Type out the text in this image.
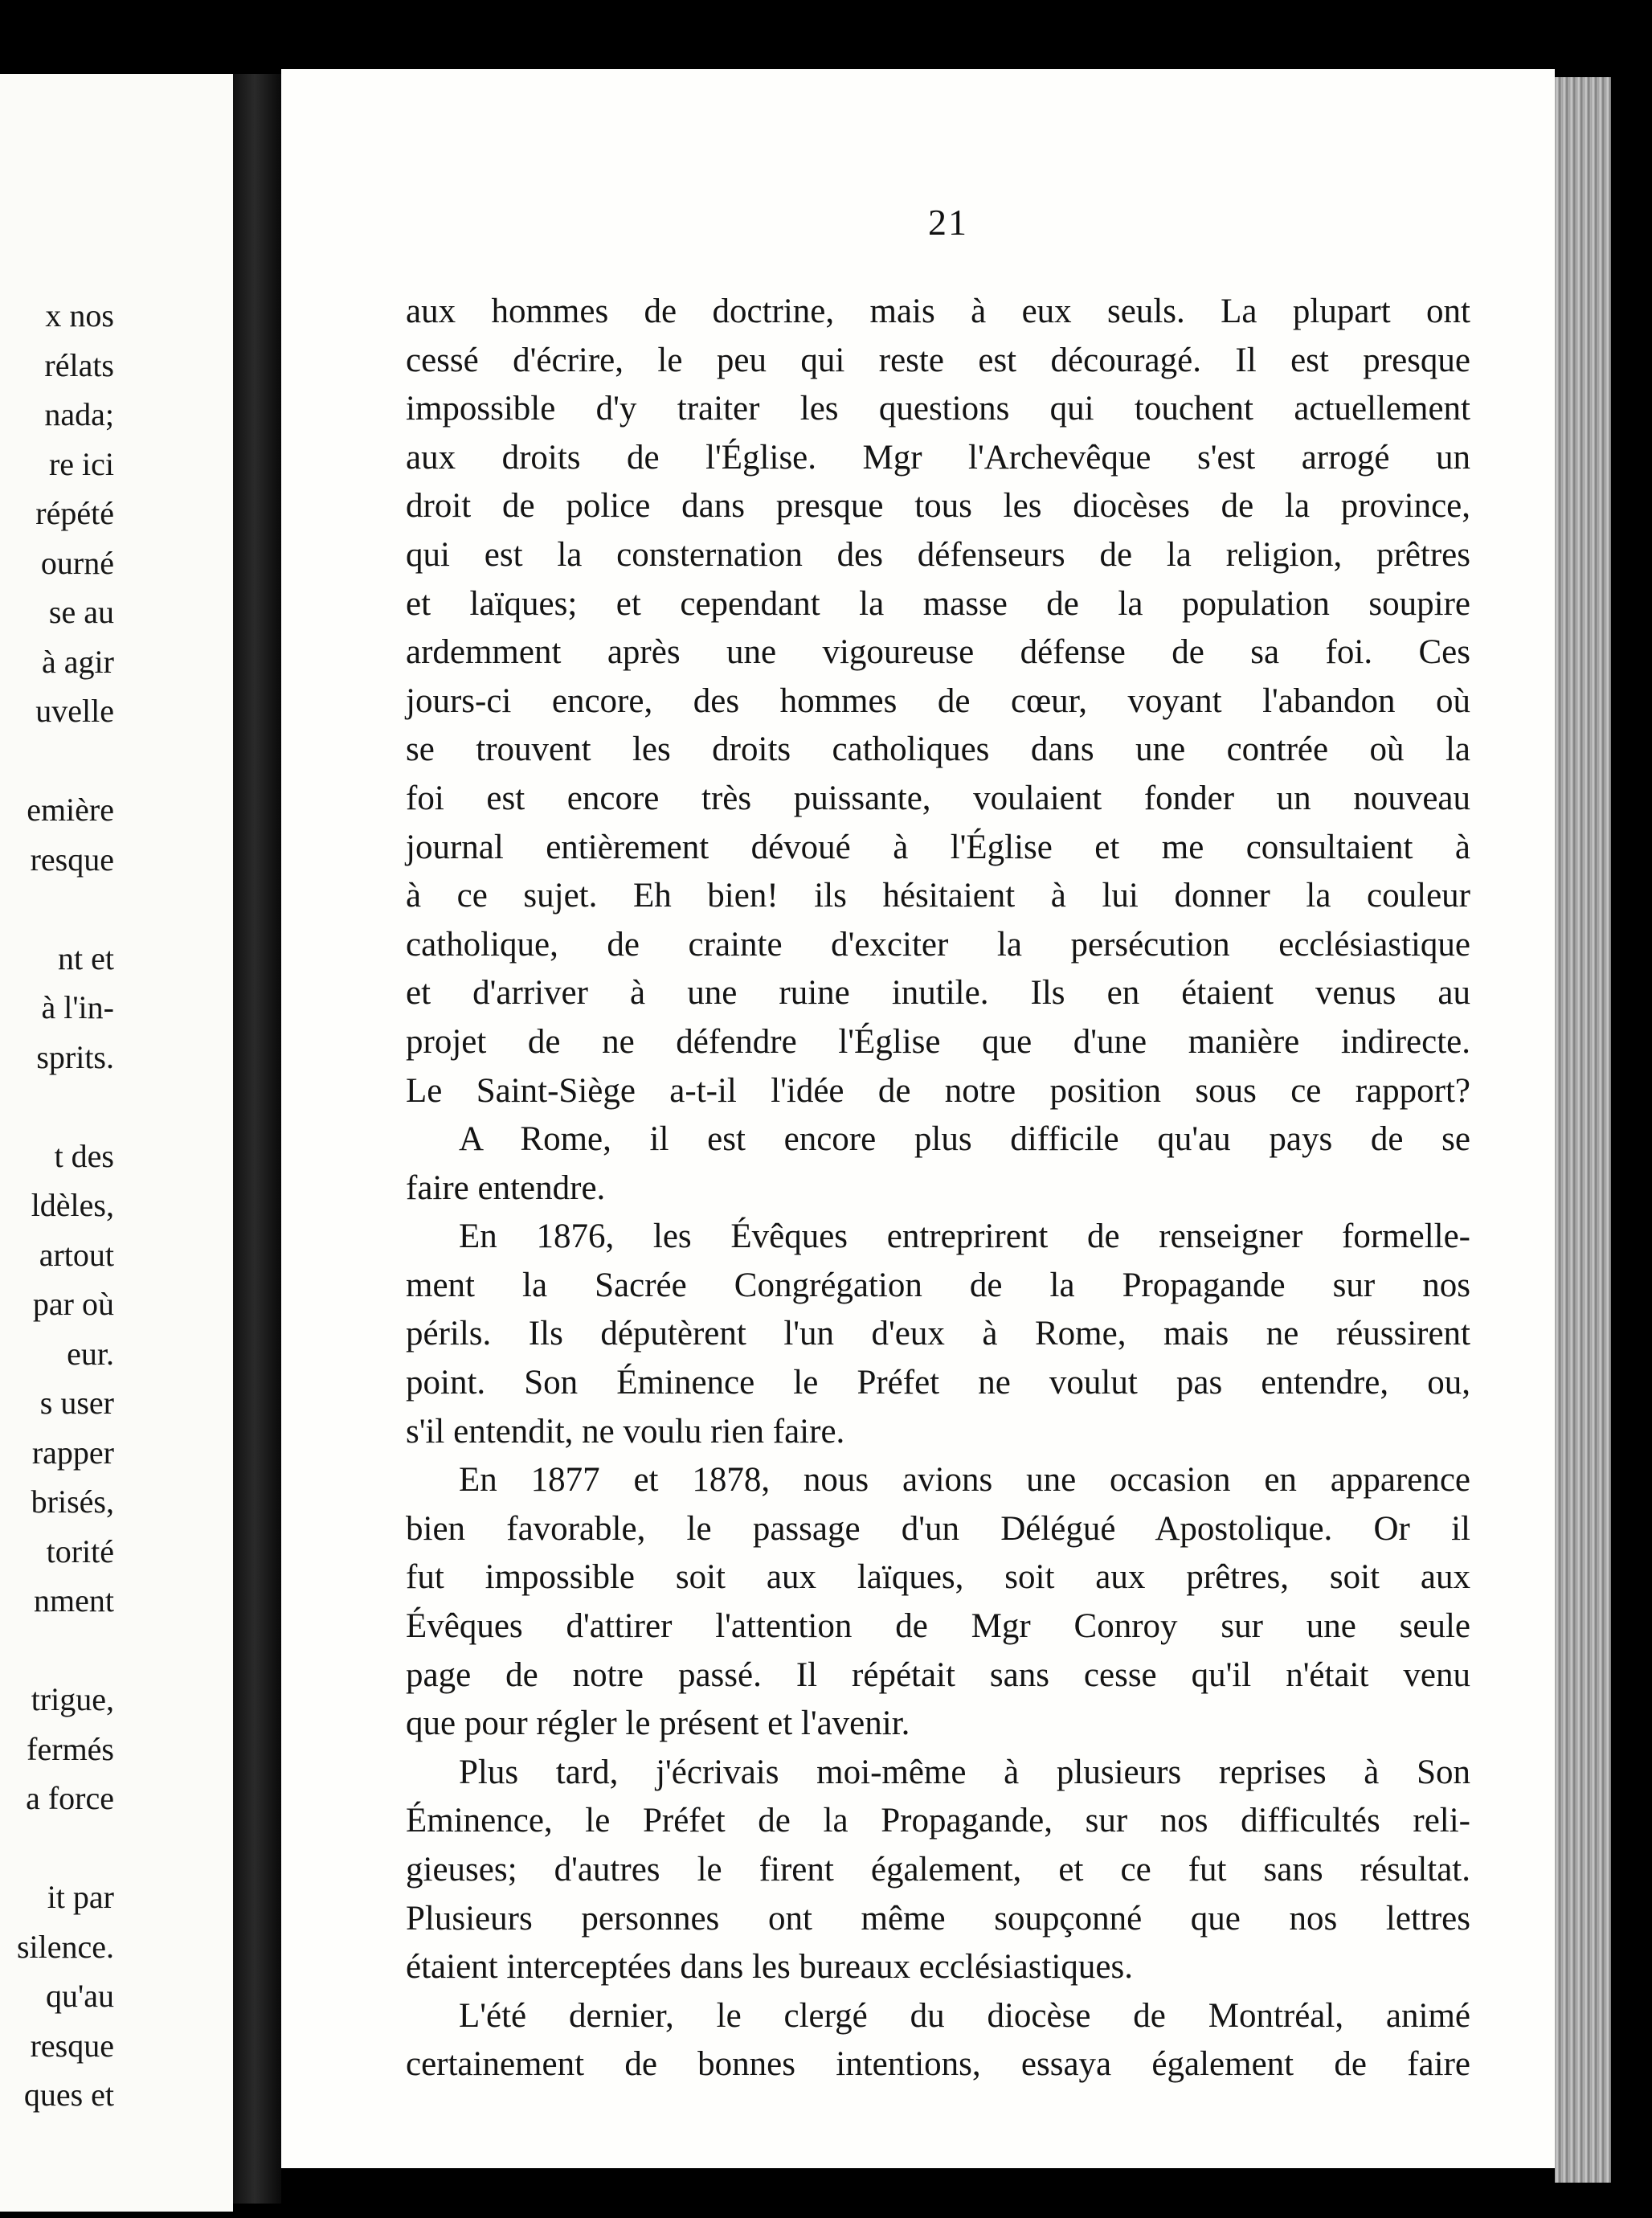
x nos
rélats
nada;
re ici
répété
ourné
se au
à agir
uvelle
emière
resque
nt et
à l'in-
sprits.
t des
ldèles,
artout
par où
eur.
s user
rapper
brisés,
torité
nment
trigue,
fermés
a force
it par
silence.
qu'au
resque
ques et
21
aux hommes de doctrine, mais à eux seuls. La plupart ont
cessé d'écrire, le peu qui reste est découragé. Il est presque
impossible d'y traiter les questions qui touchent actuellement
aux droits de l'Église. Mgr l'Archevêque s'est arrogé un
droit de police dans presque tous les diocèses de la province,
qui est la consternation des défenseurs de la religion, prêtres
et laïques; et cependant la masse de la population soupire
ardemment après une vigoureuse défense de sa foi. Ces
jours-ci encore, des hommes de cœur, voyant l'abandon où
se trouvent les droits catholiques dans une contrée où la
foi est encore très puissante, voulaient fonder un nouveau
journal entièrement dévoué à l'Église et me consultaient à
à ce sujet. Eh bien! ils hésitaient à lui donner la couleur
catholique, de crainte d'exciter la persécution ecclésiastique
et d'arriver à une ruine inutile. Ils en étaient venus au
projet de ne défendre l'Église que d'une manière indirecte.
Le Saint-Siège a-t-il l'idée de notre position sous ce rapport?
A Rome, il est encore plus difficile qu'au pays de se
faire entendre.
En 1876, les Évêques entreprirent de renseigner formelle-
ment la Sacrée Congrégation de la Propagande sur nos
périls. Ils députèrent l'un d'eux à Rome, mais ne réussirent
point. Son Éminence le Préfet ne voulut pas entendre, ou,
s'il entendit, ne voulu rien faire.
En 1877 et 1878, nous avions une occasion en apparence
bien favorable, le passage d'un Délégué Apostolique. Or il
fut impossible soit aux laïques, soit aux prêtres, soit aux
Évêques d'attirer l'attention de Mgr Conroy sur une seule
page de notre passé. Il répétait sans cesse qu'il n'était venu
que pour régler le présent et l'avenir.
Plus tard, j'écrivais moi-même à plusieurs reprises à Son
Éminence, le Préfet de la Propagande, sur nos difficultés reli-
gieuses; d'autres le firent également, et ce fut sans résultat.
Plusieurs personnes ont même soupçonné que nos lettres
étaient interceptées dans les bureaux ecclésiastiques.
L'été dernier, le clergé du diocèse de Montréal, animé
certainement de bonnes intentions, essaya également de faire
